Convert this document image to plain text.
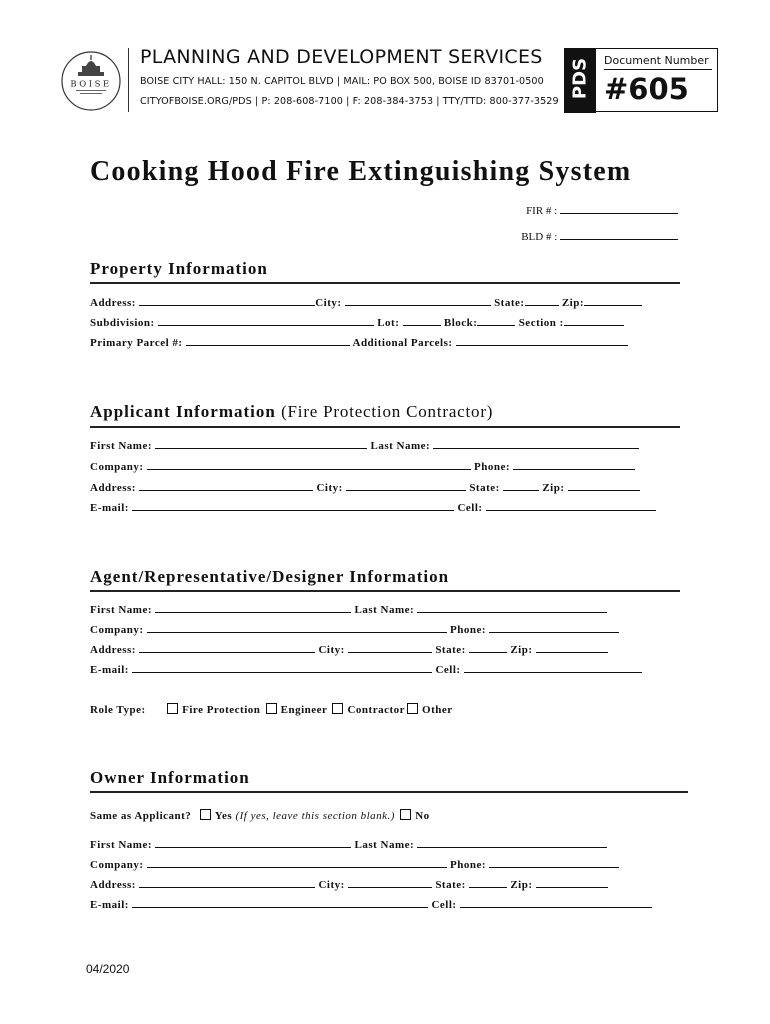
BOISE
PLANNING AND DEVELOPMENT SERVICES
BOISE CITY HALL: 150 N. CAPITOL BLVD | MAIL: PO BOX 500, BOISE ID 83701-0500
CITYOFBOISE.ORG/PDS | P: 208-608-7100 | F: 208-384-3753 | TTY/TTD: 800-377-3529
PDS Document Number
#605
Cooking Hood Fire Extinguishing System
FIR # :
BLD # :
Property Information
Address:	City:	State:	Zip:
Subdivision:	Lot:	Block:	Section :
Primary Parcel #:	Additional Parcels:
Applicant Information (Fire Protection Contractor)
First Name:	Last Name:
Company:	Phone:
Address:	City:	State:	Zip:
E-mail:	Cell:
Agent/Representative/Designer Information
First Name:	Last Name:
Company:	Phone:
Address:	City:	State:	Zip:
E-mail:	Cell:
Role Type:	Fire Protection Engineer Contractor Other
Owner Information
Same as Applicant? Yes (If yes, leave this section blank.) No
First Name:	Last Name:
Company:	Phone:
Address:	City:	State:	Zip:
E-mail:	Cell:
04/2020
